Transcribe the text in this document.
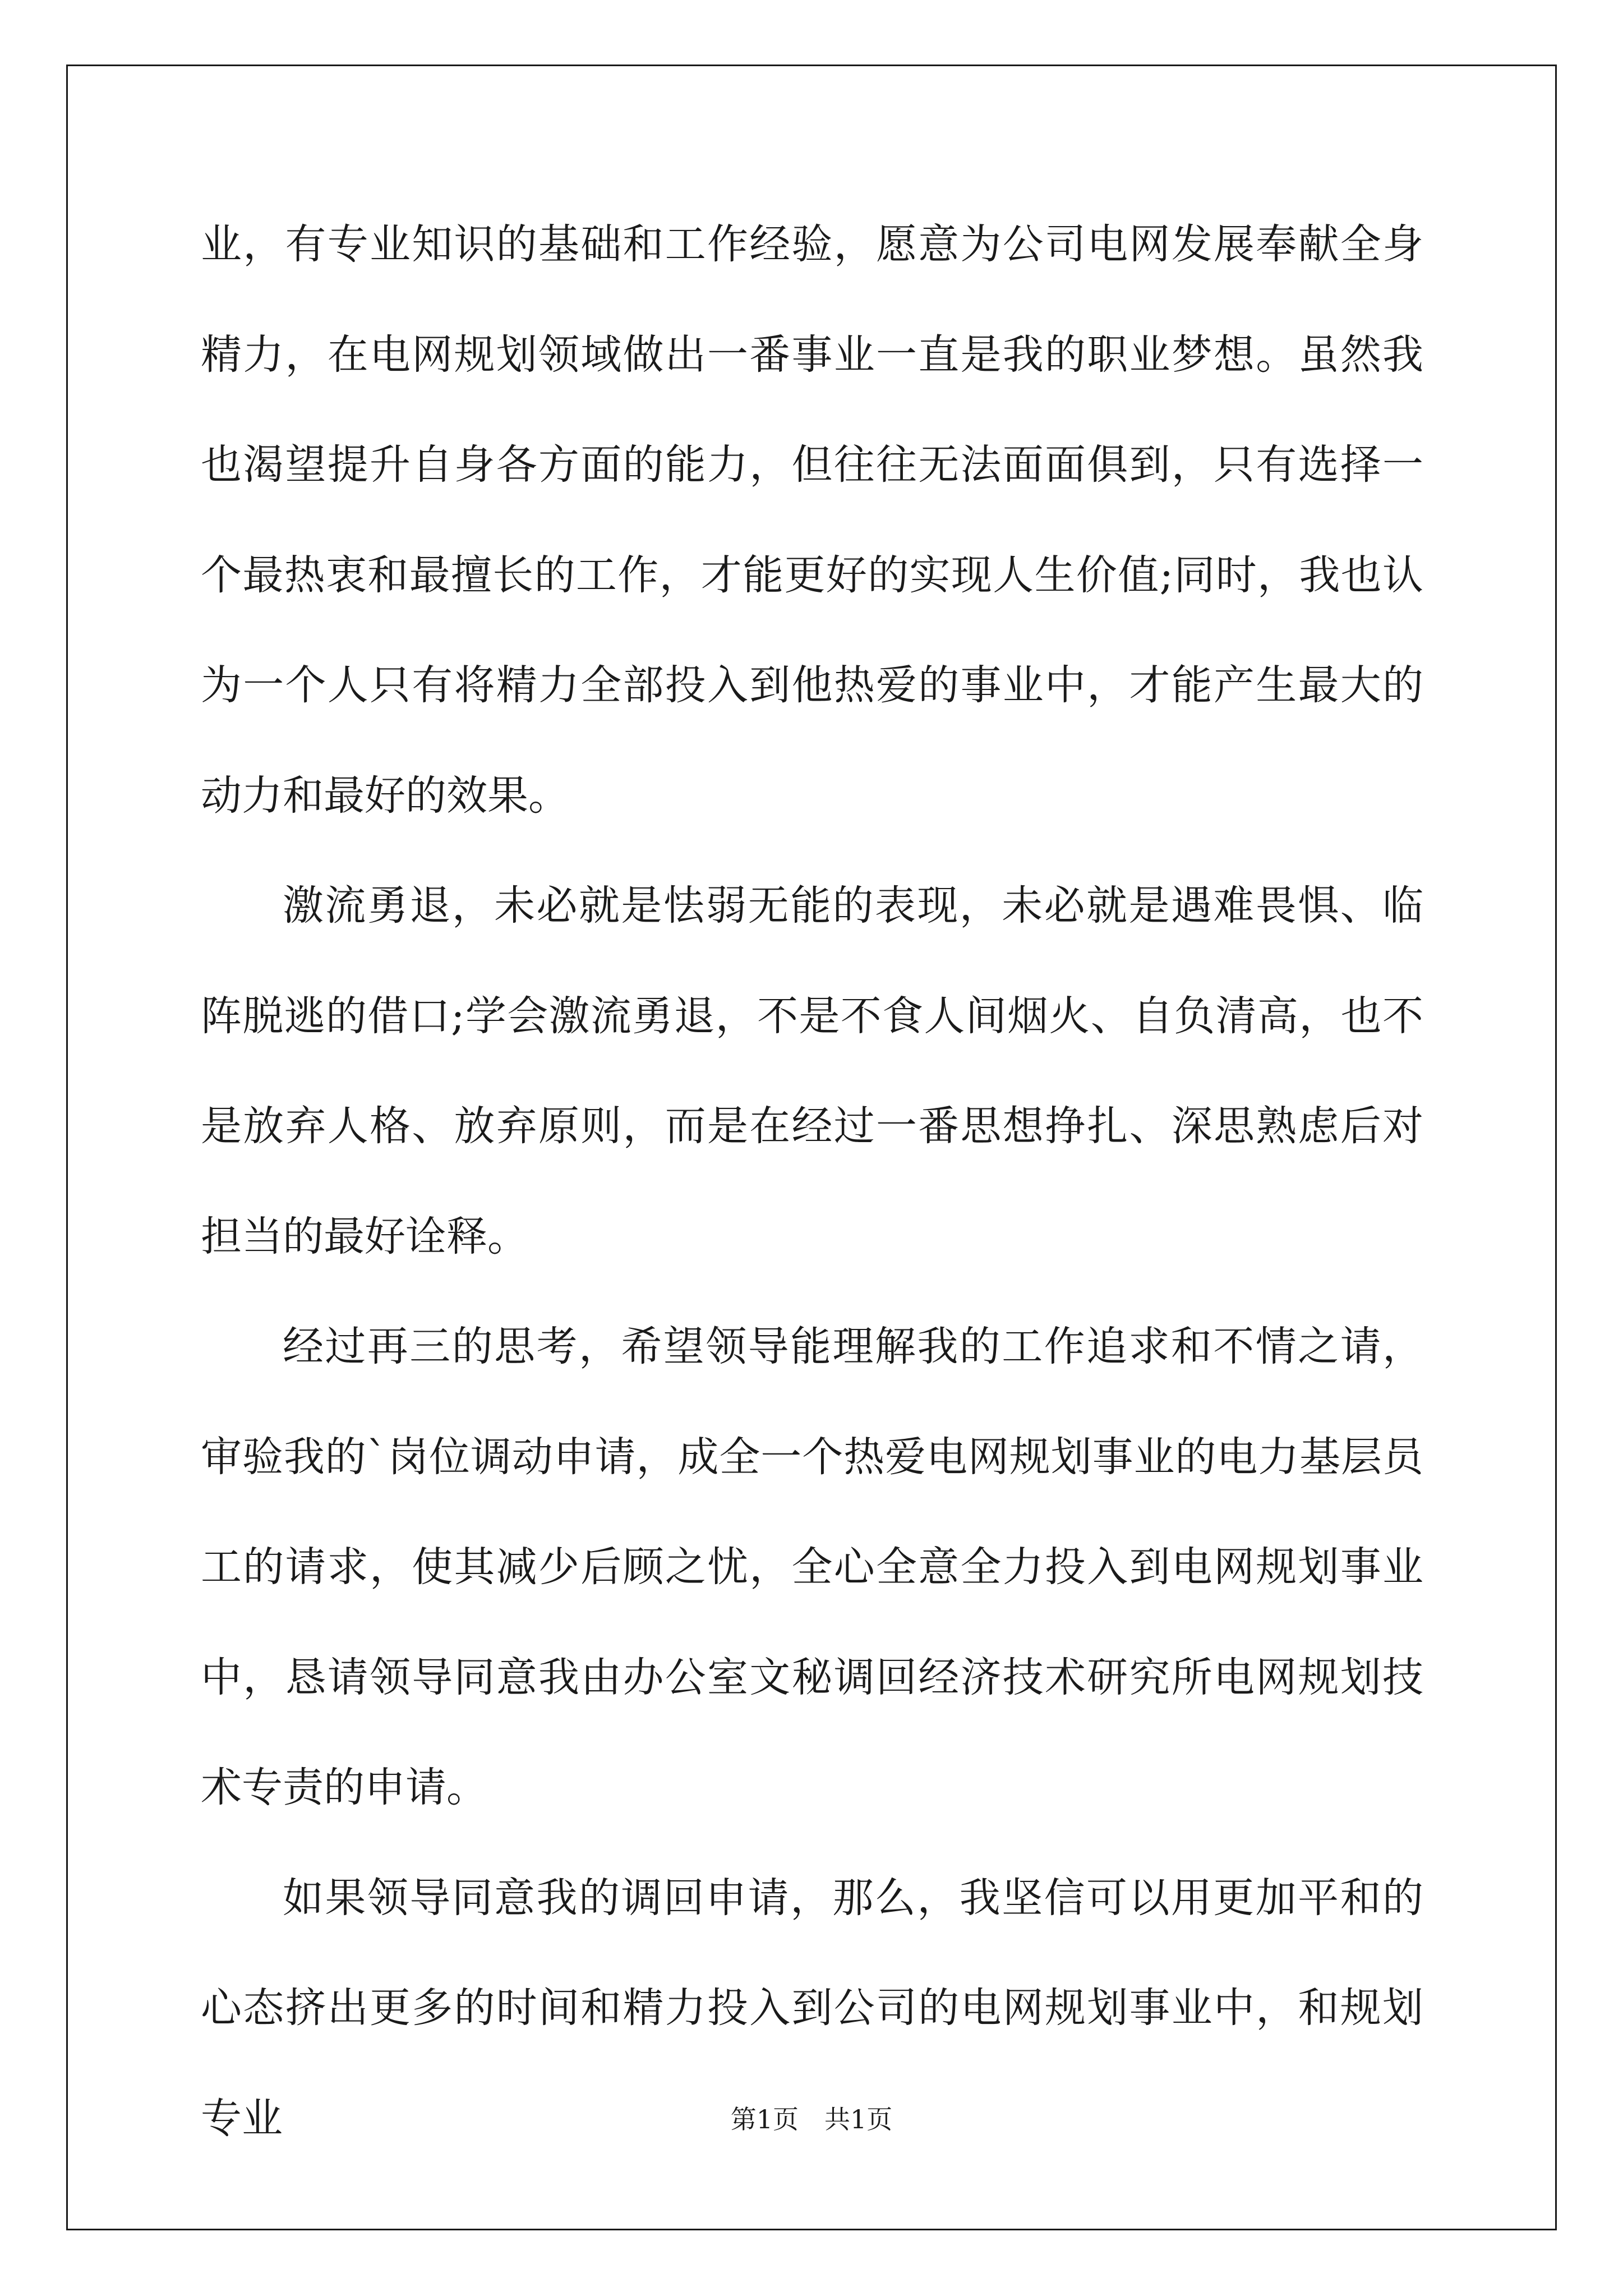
业，有专业知识的基础和工作经验，愿意为公司电网发展奉献全身精力，在电网规划领域做出一番事业一直是我的职业梦想。虽然我也渴望提升自身各方面的能力，但往往无法面面俱到，只有选择一个最热衷和最擅长的工作，才能更好的实现人生价值;同时，我也认为一个人只有将精力全部投入到他热爱的事业中，才能产生最大的动力和最好的效果。

激流勇退，未必就是怯弱无能的表现，未必就是遇难畏惧、临阵脱逃的借口;学会激流勇退，不是不食人间烟火、自负清高，也不是放弃人格、放弃原则，而是在经过一番思想挣扎、深思熟虑后对担当的最好诠释。

经过再三的思考，希望领导能理解我的工作追求和不情之请，审验我的`岗位调动申请，成全一个热爱电网规划事业的电力基层员工的请求，使其减少后顾之忧，全心全意全力投入到电网规划事业中，恳请领导同意我由办公室文秘调回经济技术研究所电网规划技术专责的申请。

如果领导同意我的调回申请，那么，我坚信可以用更加平和的心态挤出更多的时间和精力投入到公司的电网规划事业中，和规划专业	第1页　共1页
